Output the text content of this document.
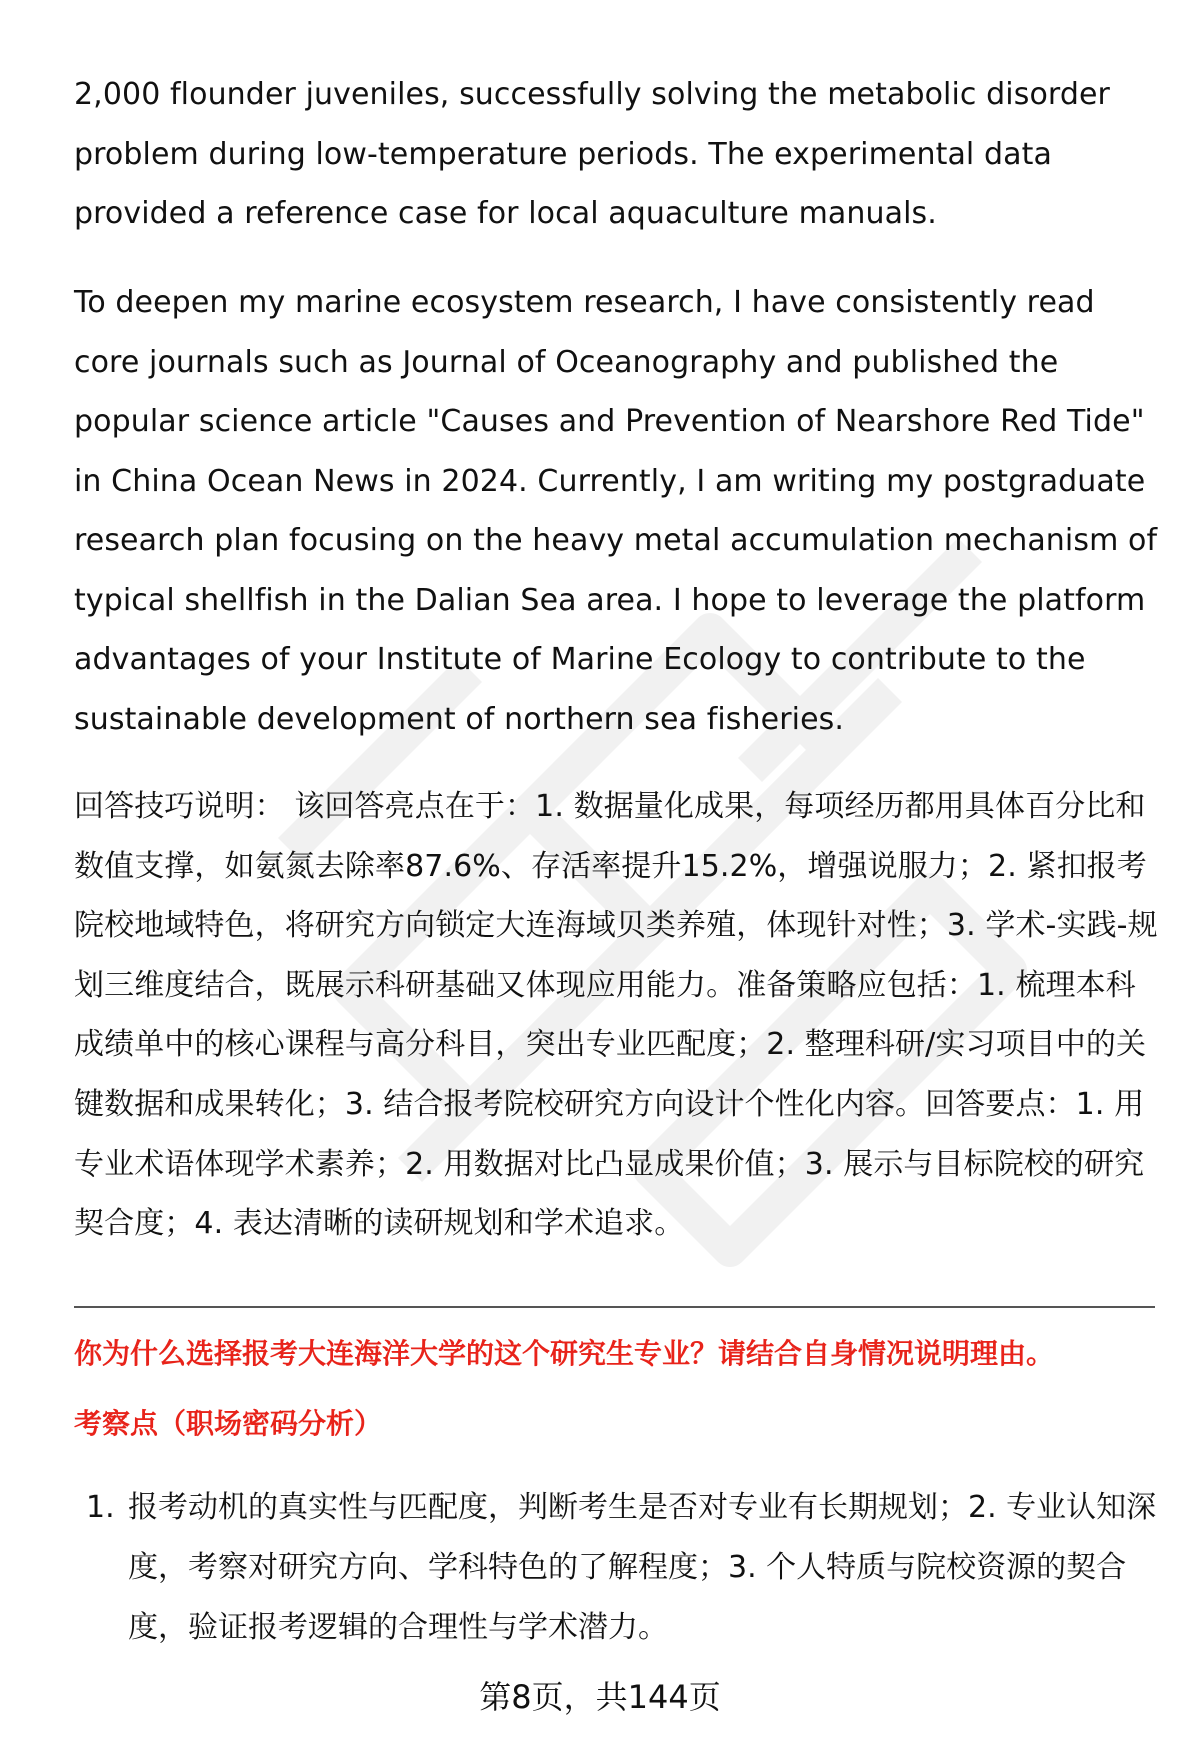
2,000 flounder juveniles, successfully solving the metabolic disorder problem during low-temperature periods. The experimental data provided a reference case for local aquaculture manuals.
To deepen my marine ecosystem research, I have consistently read core journals such as Journal of Oceanography and published the popular science article "Causes and Prevention of Nearshore Red Tide" in China Ocean News in 2024. Currently, I am writing my postgraduate research plan focusing on the heavy metal accumulation mechanism of typical shellfish in the Dalian Sea area. I hope to leverage the platform advantages of your Institute of Marine Ecology to contribute to the sustainable development of northern sea fisheries.
回答技巧说明： 该回答亮点在于：1. 数据量化成果，每项经历都用具体百分比和数值支撑，如氨氮去除率87.6%、存活率提升15.2%，增强说服力；2. 紧扣报考院校地域特色，将研究方向锁定大连海域贝类养殖，体现针对性；3. 学术-实践-规划三维度结合，既展示科研基础又体现应用能力。准备策略应包括：1. 梳理本科成绩单中的核心课程与高分科目，突出专业匹配度；2. 整理科研/实习项目中的关键数据和成果转化；3. 结合报考院校研究方向设计个性化内容。回答要点：1. 用专业术语体现学术素养；2. 用数据对比凸显成果价值；3. 展示与目标院校的研究契合度；4. 表达清晰的读研规划和学术追求。
你为什么选择报考大连海洋大学的这个研究生专业？请结合自身情况说明理由。
考察点（职场密码分析）
1. 报考动机的真实性与匹配度，判断考生是否对专业有长期规划；2. 专业认知深度，考察对研究方向、学科特色的了解程度；3. 个人特质与院校资源的契合度，验证报考逻辑的合理性与学术潜力。
第8页，共144页
